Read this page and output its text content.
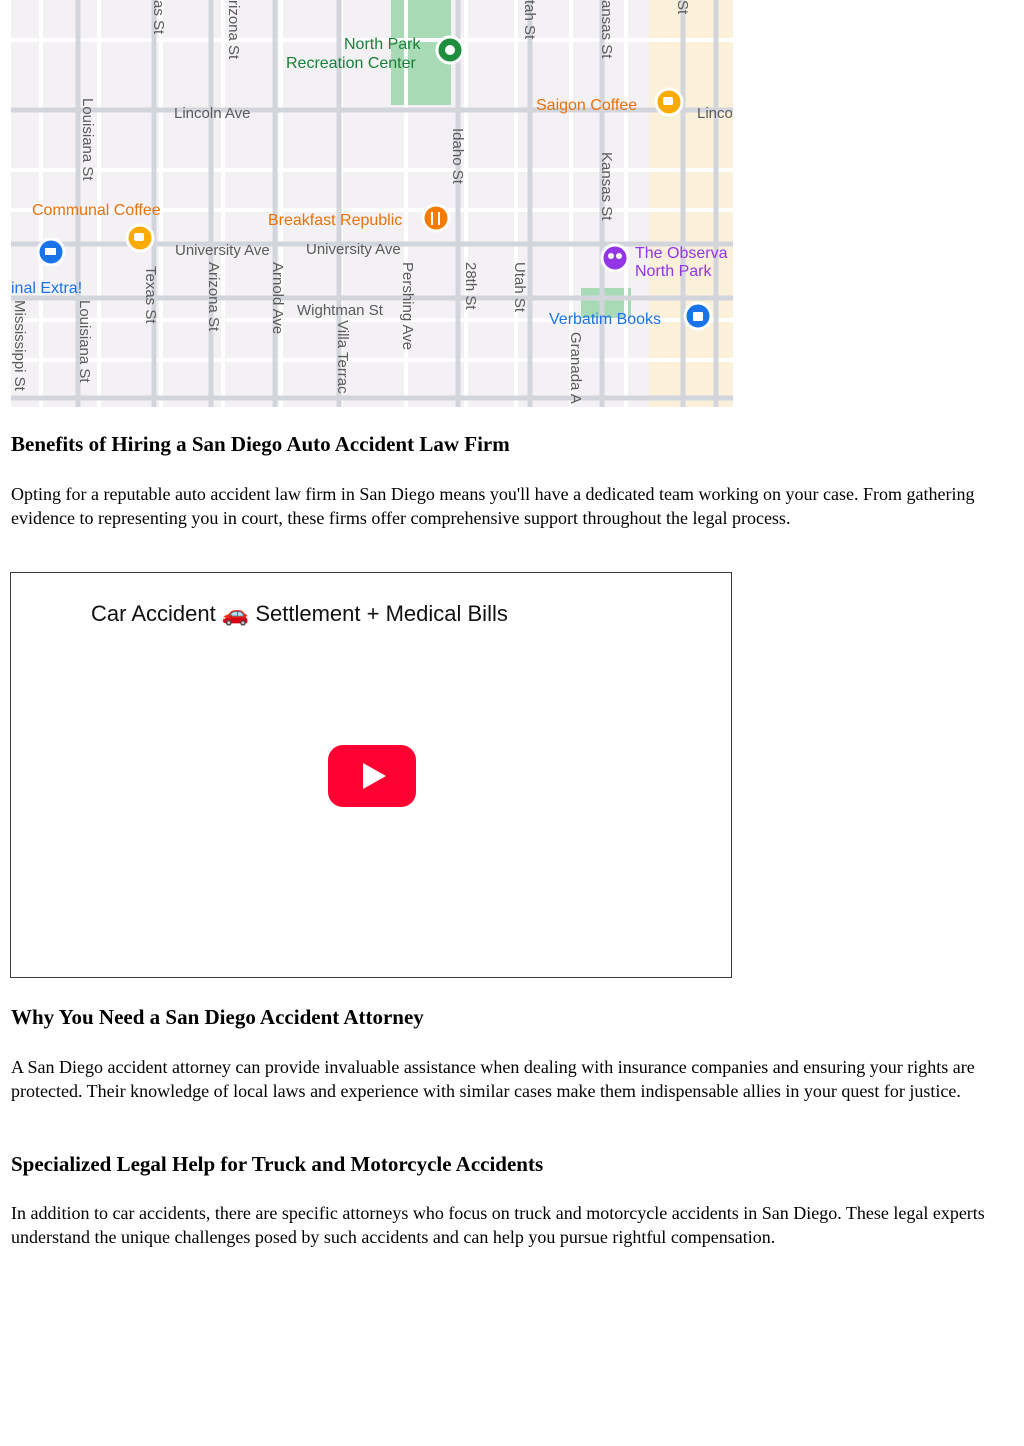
Lincoln Ave	Linco
University Ave University Ave
Wightman St
as St	rizona St	tah St	ansas St	St
Louisiana St	Idaho St	Kansas St
Texas St	Arizona St	Arnold Ave
Villa Terrac
Pershing Ave	28th St Utah St
Granada A
Mississippi St	Louisiana St
North Park
Recreation Center
Saigon Coffee
Communal Coffee
Breakfast Republic
inal Extra!
The Observa
North Park
Verbatim Books
Benefits of Hiring a San Diego Auto Accident Law Firm

Opting for a reputable auto accident law firm in San Diego means you'll have a dedicated team working on your case. From gathering evidence to representing you in court, these firms offer comprehensive support throughout the legal process.

Car Accident 🚗 Settlement + Medical Bills
Why You Need a San Diego Accident Attorney

A San Diego accident attorney can provide invaluable assistance when dealing with insurance companies and ensuring your rights are protected. Their knowledge of local laws and experience with similar cases make them indispensable allies in your quest for justice.

Specialized Legal Help for Truck and Motorcycle Accidents

In addition to car accidents, there are specific attorneys who focus on truck and motorcycle accidents in San Diego. These legal experts understand the unique challenges posed by such accidents and can help you pursue rightful compensation.
